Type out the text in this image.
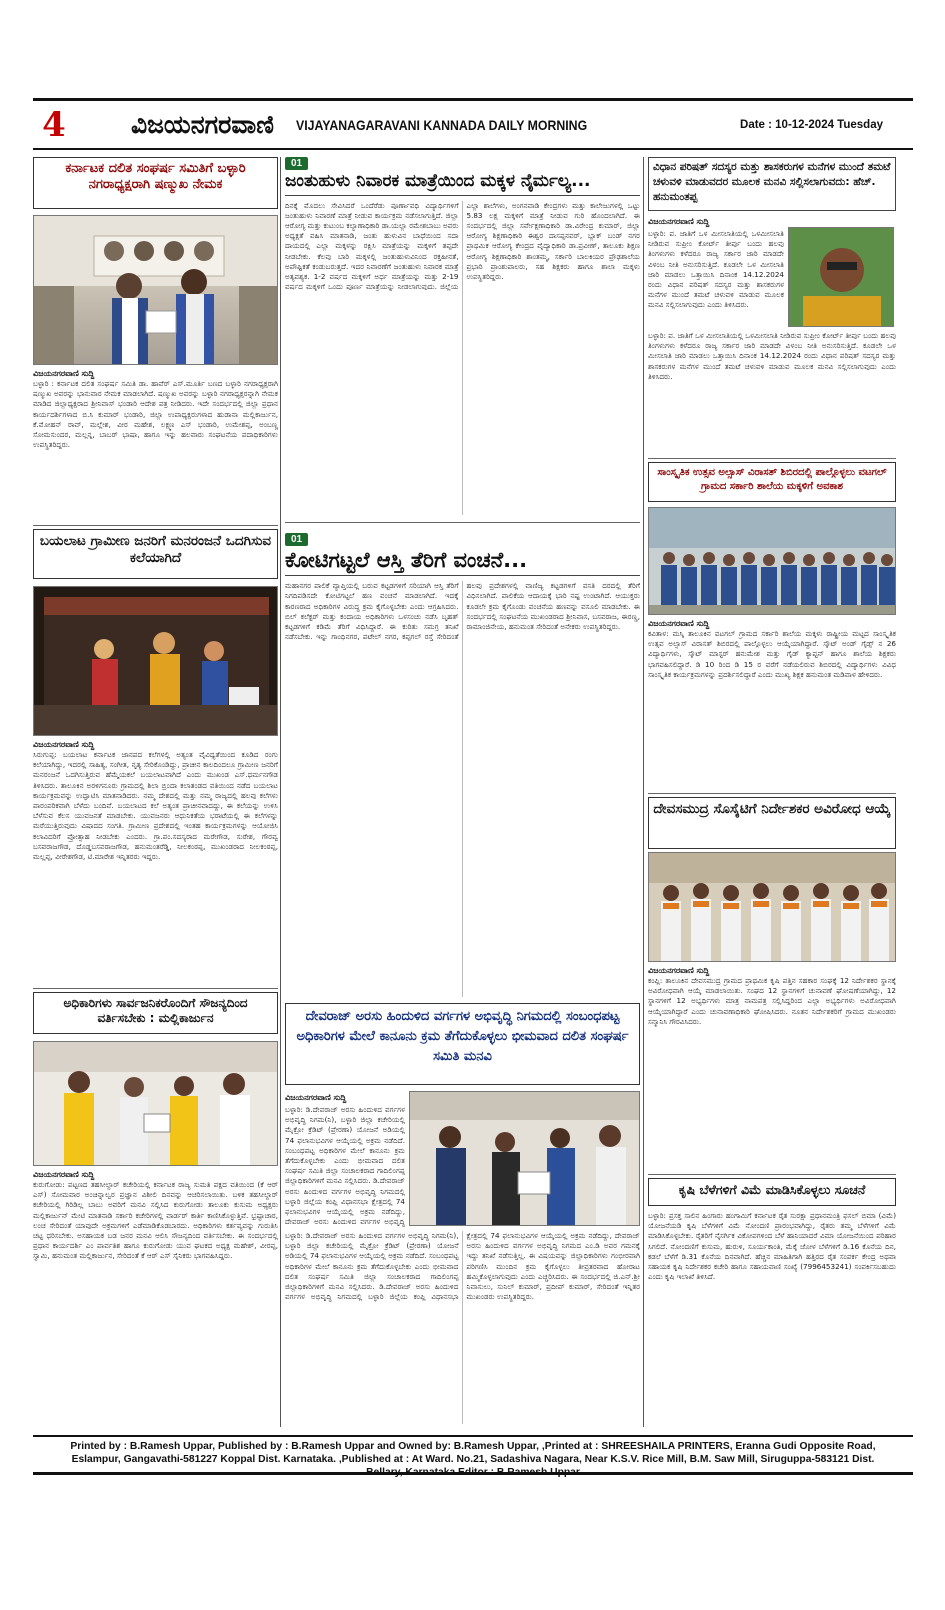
4	ವಿಜಯನಗರವಾಣಿ VIJAYANAGARAVANI KANNADA DAILY MORNING	Date : 10-12-2024 Tuesday
ಕರ್ನಾಟಕ ದಲಿತ ಸಂಘರ್ಷ ಸಮಿತಿಗೆ ಬಳ್ಳಾರಿ ನಗರಾಧ್ಯಕ್ಷರಾಗಿ ಷಣ್ಮುಖ ನೇಮಕ
ವಿಜಯನಗರವಾಣಿ ಸುದ್ದಿ
ಬಳ್ಳಾರಿ : ಕರ್ನಾಟಕ ದಲಿತ ಸಂಘರ್ಷ ಸಮಿತಿ ಡಾ. ಹಾವೆರ್ ಎಸ್.ಮೂರ್ತಿ ಬಣದ ಬಳ್ಳಾರಿ ನಗರಾಧ್ಯಕ್ಷರಾಗಿ ಷಣ್ಮುಖ ಅವರನ್ನು ಭಾನುವಾರ ನೇಮಕ ಮಾಡಲಾಗಿದೆ. ಷಣ್ಮುಖ ಅವರನ್ನು ಬಳ್ಳಾರಿ ನಗರಾಧ್ಯಕ್ಷರನ್ನಾಗಿ ನೇಮಕ ಮಾಡಿದ ಜಿಲ್ಲಾಧ್ಯಕ್ಷರಾದ ಶ್ರೀನಿವಾಸ್ ಭಂಡಾರಿ ಆದೇಶ ಪತ್ರ ನೀಡಿದರು. ಇದೇ ಸಂದರ್ಭದಲ್ಲಿ ಜಿಲ್ಲಾ ಪ್ರಧಾನ ಕಾರ್ಯದರ್ಶಿಗಳಾದ ಬಿ.ಸಿ ಕುಮಾರ್ ಭಂಡಾರಿ, ಜಿಲ್ಲಾ ಉಪಾಧ್ಯಕ್ಷರುಗಳಾದ ಹುಡಾನಾ ಮಲ್ಲಿಕಾರ್ಜುನ, ಕೆ.ಮೋಹನ್ ರಾವ್, ಮಲ್ಲೇಶ, ವೀರ ಮಹೇಶ, ಲಕ್ಷ್ಮಣ ಎಸ್ ಭಂಡಾರಿ, ಉಮೇಶಪ್ಪ, ಅಂಬಣ್ಣ ಸೋಮಸುಂದರ, ಮಲ್ಲನ್ನ, ಬಾಬರ್ ಭಾಷಾ, ಹಾಗೂ ಇನ್ನು ಹಲವಾರು ಸಂಘಟನೆಯ ಪದಾಧಿಕಾರಿಗಳು ಉಪಸ್ಥಿತರಿದ್ದರು.
ಬಯಲಾಟ ಗ್ರಾಮೀಣ ಜನರಿಗೆ ಮನರಂಜನೆ ಒದಗಿಸುವ ಕಲೆಯಾಗಿದೆ
ವಿಜಯನಗರವಾಣಿ ಸುದ್ದಿ
ಸಿರುಗುಪ್ಪ: ಬಯಲಾಟ ಕರ್ನಾಟಕ ಜಾನಪದ ಕಲೆಗಳಲ್ಲಿ ಅತ್ಯಂತ ವೈವಿಧ್ಯತೆಯಿಂದ ಕೂಡಿದ ರಂಗು ಕಲೆಯಾಗಿದ್ದು, ಇದರಲ್ಲಿ ಸಾಹಿತ್ಯ, ಸಂಗೀತ, ನೃತ್ಯ ಸೇರಿಕೊಂಡಿದ್ದು, ಪ್ರಾಚೀನ ಕಾಲದಿಂದಲೂ ಗ್ರಾಮೀಣ ಜನರಿಗೆ ಮನರಂಜನೆ ಒದಗಿಸುತ್ತಿರುವ ಹೆಮ್ಮೆಯಕಲೆ ಬಯಲಾಟವಾಗಿದೆ ಎಂದು ಮುಖಂಡ ಎಸ್.ಧರ್ಮನಗೌಡ ತಿಳಿಸಿದರು. ತಾಲೂಕಿನ ಅರಳಿಗನೂರು ಗ್ರಾಮದಲ್ಲಿ ಶಿಲಾ ಬ್ರಿಂದಾ ಕಲಾತಂಡದ ವತಿಯಿಂದ ನಡೆದ ಬಯಲಾಟ ಕಾರ್ಯಕ್ರಮವನ್ನು ಉದ್ಘಾಟಿಸಿ ಮಾತನಾಡಿದರು. ನಮ್ಮ ದೇಶದಲ್ಲಿ ಮತ್ತು ನಮ್ಮ ರಾಜ್ಯದಲ್ಲಿ ಹಲವು ಕಲೆಗಳು ಪಾರಂಪರಿಕವಾಗಿ ಬೆಳೆದು ಬಂದಿವೆ. ಬಯಲಾಟದ ಕಲೆ ಅತ್ಯಂತ ಪ್ರಾಚೀನವಾದದ್ದು, ಈ ಕಲೆಯನ್ನು ಉಳಿಸಿ ಬೆಳೆಸುವ ಕೆಲಸ ಯುವಜನತೆ ಮಾಡಬೇಕು. ಯುವಜನರು ಆಧುನಿಕತೆಯ ಭರಾಟೆಯಲ್ಲಿ ಈ ಕಲೆಗಳನ್ನು ಮರೆಯುತ್ತಿರುವುದು ವಿಷಾದದ ಸಂಗತಿ. ಗ್ರಾಮೀಣ ಪ್ರದೇಶದಲ್ಲಿ ಇಂತಹ ಕಾರ್ಯಕ್ರಮಗಳನ್ನು ಆಯೋಜಿಸಿ ಕಲಾವಿದರಿಗೆ ಪ್ರೋತ್ಸಾಹ ನೀಡಬೇಕು ಎಂದರು. ಗ್ರಾ.ಪಂ.ಸದಸ್ಯರಾದ ಮರೇಗೌಡ, ಸುರೇಶ, ಗೌರವ್ವ ಬಸವರಾಜಗೌಡ, ದೊಡ್ಡಬಸವರಾಜಗೌಡ, ಹನುಮಂತರೆಡ್ಡಿ, ನೀಲಕಂಠಪ್ಪ, ಮುಖಂಡರಾದ ನೀಲಕಂಠಪ್ಪ, ಮಲ್ಲಪ್ಪ, ವೀರೇಶಗೌಡ, ಟಿ.ಮಾರೇಶ ಇನ್ನಿತರರು ಇದ್ದರು.
ಅಧಿಕಾರಿಗಳು ಸಾರ್ವಜನಿಕರೊಂದಿಗೆ ಸೌಜನ್ಯದಿಂದ ವರ್ತಿಸಬೇಕು : ಮಲ್ಲಿಕಾರ್ಜುನ
ವಿಜಯನಗರವಾಣಿ ಸುದ್ದಿ
ಕುರುಗೋಡು: ಪಟ್ಟಣದ ತಹಸೀಲ್ದಾರ್ ಕಚೇರಿಯಲ್ಲಿ ಕರ್ನಾಟಕ ರಾಜ್ಯ ಸುಮತಿ ಪಕ್ಷದ ವತಿಯಿಂದ (ಕೆ ಆರ್ ಎಸ್) ಸೋಮವಾರ ಅಂಚಿನ್ನಾಲ್ವರ ಪ್ರಜ್ಞಾನ ವಿಶೀಲಿ ದಿನವನ್ನು ಆಚರಿಸಲಾಯಿತು. ಬಳಿಕ ತಹಸೀಲ್ದಾರ್ ಕಚೇರಿಯಲ್ಲಿ ಗಿರಿಡಿಲ್ಲ ಬಾಬು ಅವರಿಗೆ ಮನವಿ ಸಲ್ಲಿಸಿದ ಕುರುಗೋಡು ತಾಲೂಕು ಕುಸುಮ ಅಧ್ಯಕ್ಷರು ಮಲ್ಲಿಕಾರ್ಜುನ್ ಮೇಟಿ ಮಾತನಾಡಿ ಸರ್ಕಾರಿ ಕಚೇರಿಗಳಲ್ಲಿ ವಾರ್ಡರ್ ಕಾರ್ತಿ ಕಾಣಿಸಿಕೊಳ್ಳುತ್ತಿವೆ. ಭ್ರಷ್ಟಾಚಾರ, ಲಂಚ ಸೇರಿದಂತೆ ಯಾವುದೇ ಅಕ್ರಮಗಳಿಗೆ ಎಡೆಮಾಡಿಕೊಡಬಾರದು. ಅಧಿಕಾರಿಗಳು ಕರ್ತವ್ಯವನ್ನು ಗುರುತಿಸಿ ಚಟ್ಟ ಧರಿಸಬೇಕು. ಅಸಹಾಯಕ ಬಡ ಜನರ ಮನವಿ ಆಲಿಸಿ ಸೌಜನ್ಯದಿಂದ ವರ್ತಿಸಬೇಕು. ಈ ಸಂದರ್ಭದಲ್ಲಿ ಪ್ರಧಾನ ಕಾರ್ಯದರ್ಶಿ ಎಂ ಪಾರ್ವತಿಶ ಹಾಗೂ ಕುರುಗೋಡು ಯುವ ಘಟಕದ ಅಧ್ಯಕ್ಷ ಮಹೇಶ್, ವೀರಪ್ಪ, ಸ್ವಾಮಿ, ಹನುಮಂತ ಮಲ್ಲಿಕಾರ್ಜುನ, ಸೇರಿದಂತೆ ಕೆ ಆರ್ ಎಸ್ ಸೈನಿಕರು ಭಾಗವಹಿಸಿದ್ದರು.
01
ಜಂತುಹುಳು ನಿವಾರಕ ಮಾತ್ರೆಯಿಂದ ಮಕ್ಕಳ ನೈರ್ಮಲ್ಯ...
ದಿನಕ್ಕೆ ಮೊದಲು ಸೇವಿಸಿದರೆ ಒಂದೆರೆಡು ಪೂರ್ಣಾವಧಿ ವಿದ್ಯಾರ್ಥಿಗಳಿಗೆ ಜಂತುಹುಳು ನಿವಾರಣೆ ಮಾತ್ರೆ ನೀಡುವ ಕಾರ್ಯಕ್ರಮ ನಡೆಸಲಾಗುತ್ತಿದೆ. ಜಿಲ್ಲಾ ಆರೋಗ್ಯ ಮತ್ತು ಕುಟುಂಬ ಕಲ್ಯಾಣಾಧಿಕಾರಿ ಡಾ.ಯಲ್ಲಾ ರಮೇಶಬಾಬು ಅವರು ಅಧ್ಯಕ್ಷತೆ ವಹಿಸಿ ಮಾತನಾಡಿ, ಜಂತು ಹುಳುವಿನ ಬಾಧೆಯಿಂದ ಸದಾ ದಾಯದಲ್ಲಿ ಎಲ್ಲಾ ಮಕ್ಕಳನ್ನು ರಕ್ಷಿಸಿ ಮಾತ್ರೆಯನ್ನು ಮಕ್ಕಳಿಗೆ ತಪ್ಪದೇ ನೀಡಬೇಕು. ಕೆಲವು ಬಾರಿ ಮಕ್ಕಳಲ್ಲಿ ಜಂತುಹುಳುವಿನಿಂದ ರಕ್ತಹೀನತೆ, ಅಪೌಷ್ಟಿಕತೆ ಕಂಡುಬರುತ್ತದೆ. ಇದರ ನಿವಾರಣೆಗೆ ಜಂತುಹುಳು ನಿವಾರಕ ಮಾತ್ರೆ ಅತ್ಯವಶ್ಯಕ. 1-2 ವರ್ಷದ ಮಕ್ಕಳಿಗೆ ಅರ್ಧ ಮಾತ್ರೆಯನ್ನು ಮತ್ತು 2-19 ವರ್ಷದ ಮಕ್ಕಳಿಗೆ ಒಂದು ಪೂರ್ಣ ಮಾತ್ರೆಯನ್ನು ನೀಡಲಾಗುವುದು. ಜಿಲ್ಲೆಯ ಎಲ್ಲಾ ಶಾಲೆಗಳು, ಅಂಗನವಾಡಿ ಕೇಂದ್ರಗಳು ಮತ್ತು ಕಾಲೇಜುಗಳಲ್ಲಿ ಒಟ್ಟು 5.83 ಲಕ್ಷ ಮಕ್ಕಳಿಗೆ ಮಾತ್ರೆ ನೀಡುವ ಗುರಿ ಹೊಂದಲಾಗಿದೆ. ಈ ಸಂದರ್ಭದಲ್ಲಿ ಜಿಲ್ಲಾ ಸರ್ವೇಕ್ಷಣಾಧಿಕಾರಿ ಡಾ.ವಿರೇಂದ್ರ ಕುಮಾರ್, ಜಿಲ್ಲಾ ಆರೋಗ್ಯ ಶಿಕ್ಷಣಾಧಿಕಾರಿ ಈಶ್ವರ ದಾಸಪ್ಪನವರ್, ಬ್ಲಾಕ್ ಬಂಡ್ ನಗರ ಪ್ರಾಥಮಿಕ ಆರೋಗ್ಯ ಕೇಂದ್ರದ ವೈದ್ಯಾಧಿಕಾರಿ ಡಾ.ಪ್ರವೀಣ್, ತಾಲೂಕು ಶಿಕ್ಷಣ ಆರೋಗ್ಯ ಶಿಕ್ಷಣಾಧಿಕಾರಿ ಶಾಂತಮ್ಮ, ಸರ್ಕಾರಿ ಬಾಲಕಿಯರ ಪ್ರೌಢಶಾಲೆಯ ಪ್ರಭಾರಿ ಪ್ರಾಂಶುಪಾಲರು, ಸಹ ಶಿಕ್ಷಕರು ಹಾಗೂ ಶಾಲಾ ಮಕ್ಕಳು ಉಪಸ್ಥಿತರಿದ್ದರು.
01
ಕೋಟಿಗಟ್ಟಲೆ ಆಸ್ತಿ ತೆರಿಗೆ ವಂಚನೆ...
ಮಹಾನಗರ ಪಾಲಿಕೆ ವ್ಯಾಪ್ತಿಯಲ್ಲಿ ಬರುವ ಕಟ್ಟಡಗಳಿಗೆ ಸರಿಯಾಗಿ ಆಸ್ತಿ ತೆರಿಗೆ ನಿಗದಿಪಡಿಸದೇ ಕೋಟಿಗಟ್ಟಲೆ ಹಣ ವಂಚನೆ ಮಾಡಲಾಗಿದೆ. ಇದಕ್ಕೆ ಕಾರಣರಾದ ಅಧಿಕಾರಿಗಳ ವಿರುದ್ಧ ಕ್ರಮ ಕೈಗೊಳ್ಳಬೇಕು ಎಂದು ಆಗ್ರಹಿಸಿದರು. ಬಿಲ್ ಕಲೆಕ್ಟರ್ ಮತ್ತು ಕಂದಾಯ ಅಧಿಕಾರಿಗಳು ಒಳಸಂಚು ನಡೆಸಿ ಬೃಹತ್ ಕಟ್ಟಡಗಳಿಗೆ ಕಡಿಮೆ ತೆರಿಗೆ ವಿಧಿಸಿದ್ದಾರೆ. ಈ ಕುರಿತು ಸಮಗ್ರ ತನಿಖೆ ನಡೆಸಬೇಕು. ಇನ್ನು ಗಾಂಧಿನಗರ, ಪಟೇಲ್ ನಗರ, ಕಪ್ಪಗಲ್ ರಸ್ತೆ ಸೇರಿದಂತೆ ಹಲವು ಪ್ರದೇಶಗಳಲ್ಲಿ ವಾಣಿಜ್ಯ ಕಟ್ಟಡಗಳಿಗೆ ವಸತಿ ದರದಲ್ಲಿ ತೆರಿಗೆ ವಿಧಿಸಲಾಗಿದೆ. ಪಾಲಿಕೆಯ ಆದಾಯಕ್ಕೆ ಭಾರಿ ನಷ್ಟ ಉಂಟಾಗಿದೆ. ಆಯುಕ್ತರು ಕೂಡಲೇ ಕ್ರಮ ಕೈಗೊಂಡು ವಂಚನೆಯ ಹಣವನ್ನು ವಸೂಲಿ ಮಾಡಬೇಕು. ಈ ಸಂದರ್ಭದಲ್ಲಿ ಸಂಘಟನೆಯ ಮುಖಂಡರಾದ ಶ್ರೀನಿವಾಸ, ಬಸವರಾಜ, ಈರಣ್ಣ, ರಾಮಾಂಜಿನೇಯ, ಹನುಮಂತ ಸೇರಿದಂತೆ ಅನೇಕರು ಉಪಸ್ಥಿತರಿದ್ದರು.
ದೇವರಾಜ್ ಅರಸು ಹಿಂದುಳಿದ ವರ್ಗಗಳ ಅಭಿವೃದ್ಧಿ ನಿಗಮದಲ್ಲಿ ಸಂಬಂಧಪಟ್ಟ ಅಧಿಕಾರಿಗಳ ಮೇಲೆ ಕಾನೂನು ಕ್ರಮ ತೆಗೆದುಕೊಳ್ಳಲು ಭೀಮವಾದ ದಲಿತ ಸಂಘರ್ಷ ಸಮಿತಿ ಮನವಿ
ವಿಜಯನಗರವಾಣಿ ಸುದ್ದಿ
ಬಳ್ಳಾರಿ: ಡಿ.ದೇವರಾಜ್ ಅರಸು ಹಿಂದುಳಿದ ವರ್ಗಗಳ ಅಭಿವೃದ್ಧಿ ನಿಗಮ(ನಿ), ಬಳ್ಳಾರಿ ಜಿಲ್ಲಾ ಕಚೇರಿಯಲ್ಲಿ ಮೈಕ್ರೋ ಕ್ರೆಡಿಟ್ (ಪ್ರೇರಣಾ) ಯೋಜನೆ ಅಡಿಯಲ್ಲಿ 74 ಫಲಾನುಭವಿಗಳ ಆಯ್ಕೆಯಲ್ಲಿ ಅಕ್ರಮ ನಡೆದಿದೆ. ಸಂಬಂಧಪಟ್ಟ ಅಧಿಕಾರಿಗಳ ಮೇಲೆ ಕಾನೂನು ಕ್ರಮ ತೆಗೆದುಕೊಳ್ಳಬೇಕು ಎಂದು ಭೀಮವಾದ ದಲಿತ ಸಂಘರ್ಷ ಸಮಿತಿ ಜಿಲ್ಲಾ ಸಂಚಾಲಕರಾದ ಗಾದಿಲಿಂಗಪ್ಪ ಜಿಲ್ಲಾಧಿಕಾರಿಗಳಿಗೆ ಮನವಿ ಸಲ್ಲಿಸಿದರು. ಡಿ.ದೇವರಾಜ್ ಅರಸು ಹಿಂದುಳಿದ ವರ್ಗಗಳ ಅಭಿವೃದ್ಧಿ ನಿಗಮದಲ್ಲಿ ಬಳ್ಳಾರಿ ಜಿಲ್ಲೆಯ ಕಂಪ್ಲಿ ವಿಧಾನಸಭಾ ಕ್ಷೇತ್ರದಲ್ಲಿ 74 ಫಲಾನುಭವಿಗಳ ಆಯ್ಕೆಯಲ್ಲಿ ಅಕ್ರಮ ನಡೆದಿದ್ದು, ದೇವರಾಜ್ ಅರಸು ಹಿಂದುಳಿದ ವರ್ಗಗಳ ಅಭಿವೃದ್ಧಿ
ಬಳ್ಳಾರಿ: ಡಿ.ದೇವರಾಜ್ ಅರಸು ಹಿಂದುಳಿದ ವರ್ಗಗಳ ಅಭಿವೃದ್ಧಿ ನಿಗಮ(ನಿ), ಬಳ್ಳಾರಿ ಜಿಲ್ಲಾ ಕಚೇರಿಯಲ್ಲಿ ಮೈಕ್ರೋ ಕ್ರೆಡಿಟ್ (ಪ್ರೇರಣಾ) ಯೋಜನೆ ಅಡಿಯಲ್ಲಿ 74 ಫಲಾನುಭವಿಗಳ ಆಯ್ಕೆಯಲ್ಲಿ ಅಕ್ರಮ ನಡೆದಿದೆ. ಸಂಬಂಧಪಟ್ಟ ಅಧಿಕಾರಿಗಳ ಮೇಲೆ ಕಾನೂನು ಕ್ರಮ ತೆಗೆದುಕೊಳ್ಳಬೇಕು ಎಂದು ಭೀಮವಾದ ದಲಿತ ಸಂಘರ್ಷ ಸಮಿತಿ ಜಿಲ್ಲಾ ಸಂಚಾಲಕರಾದ ಗಾದಿಲಿಂಗಪ್ಪ ಜಿಲ್ಲಾಧಿಕಾರಿಗಳಿಗೆ ಮನವಿ ಸಲ್ಲಿಸಿದರು. ಡಿ.ದೇವರಾಜ್ ಅರಸು ಹಿಂದುಳಿದ ವರ್ಗಗಳ ಅಭಿವೃದ್ಧಿ ನಿಗಮದಲ್ಲಿ ಬಳ್ಳಾರಿ ಜಿಲ್ಲೆಯ ಕಂಪ್ಲಿ ವಿಧಾನಸಭಾ ಕ್ಷೇತ್ರದಲ್ಲಿ 74 ಫಲಾನುಭವಿಗಳ ಆಯ್ಕೆಯಲ್ಲಿ ಅಕ್ರಮ ನಡೆದಿದ್ದು, ದೇವರಾಜ್ ಅರಸು ಹಿಂದುಳಿದ ವರ್ಗಗಳ ಅಭಿವೃದ್ಧಿ ನಿಗಮದ ಎಂ.ಡಿ ಅವರ ಗಮನಕ್ಕೆ ಇದ್ದು ತನಿಖೆ ನಡೆಸುತ್ತಿಲ್ಲ. ಈ ವಿಷಯವನ್ನು ಜಿಲ್ಲಾಧಿಕಾರಿಗಳು ಗಂಭೀರವಾಗಿ ಪರಿಗಣಿಸಿ ಮುಂದಿನ ಕ್ರಮ ಕೈಗೊಳ್ಳಲು ತೀವ್ರತರವಾದ ಹೋರಾಟ ಹಮ್ಮಿಕೊಳ್ಳಲಾಗುವುದು ಎಂದು ಎಚ್ಚರಿಸಿದರು. ಈ ಸಂದರ್ಭದಲ್ಲಿ ಜಿ.ಎನ್.ಶ್ರೀ ನಿವಾಸುಲು, ಸುನಿಲ್ ಕುಮಾರ್, ಪ್ರದೀಪ್ ಕುಮಾರ್, ಸೇರಿದಂತೆ ಇನ್ನಿತರ ಮುಖಂಡರು ಉಪಸ್ಥಿತರಿದ್ದರು.
ವಿಧಾನ ಪರಿಷತ್ ಸದಸ್ಯರ ಮತ್ತು ಶಾಸಕರುಗಳ ಮನೆಗಳ ಮುಂದೆ ತಮಟೆ ಚಳುವಳಿ ಮಾಡುವದರ ಮೂಲಕ ಮನವಿ ಸಲ್ಲಿಸಲಾಗುವದು: ಹೆಚ್. ಹನುಮಂತಪ್ಪ
ವಿಜಯನಗರವಾಣಿ ಸುದ್ದಿ
ಬಳ್ಳಾರಿ: ಪ. ಜಾತಿಗೆ ಒಳ ಮೀಸಲಾತಿಯಲ್ಲಿ ಒಳಮೀಸಲಾತಿ ನೀಡಿರುವ ಸುಪ್ರೀಂ ಕೋರ್ಟ್ ತೀರ್ಪು ಬಂದು ಹಲವು ತಿಂಗಳುಗಳು ಕಳೆದರೂ ರಾಜ್ಯ ಸರ್ಕಾರ ಜಾರಿ ಮಾಡದೇ ವಿಳಂಬ ನೀತಿ ಅನುಸರಿಸುತ್ತಿದೆ. ಕೂಡಲೇ ಒಳ ಮೀಸಲಾತಿ ಜಾರಿ ಮಾಡಲು ಒತ್ತಾಯಿಸಿ ದಿನಾಂಕ 14.12.2024 ರಂದು ವಿಧಾನ ಪರಿಷತ್ ಸದಸ್ಯರ ಮತ್ತು ಶಾಸಕರುಗಳ ಮನೆಗಳ ಮುಂದೆ ತಮಟೆ ಚಳುವಳಿ ಮಾಡುವ ಮೂಲಕ ಮನವಿ ಸಲ್ಲಿಸಲಾಗುವುದು ಎಂದು ತಿಳಿಸಿದರು.
ಬಳ್ಳಾರಿ: ಪ. ಜಾತಿಗೆ ಒಳ ಮೀಸಲಾತಿಯಲ್ಲಿ ಒಳಮೀಸಲಾತಿ ನೀಡಿರುವ ಸುಪ್ರೀಂ ಕೋರ್ಟ್ ತೀರ್ಪು ಬಂದು ಹಲವು ತಿಂಗಳುಗಳು ಕಳೆದರೂ ರಾಜ್ಯ ಸರ್ಕಾರ ಜಾರಿ ಮಾಡದೇ ವಿಳಂಬ ನೀತಿ ಅನುಸರಿಸುತ್ತಿದೆ. ಕೂಡಲೇ ಒಳ ಮೀಸಲಾತಿ ಜಾರಿ ಮಾಡಲು ಒತ್ತಾಯಿಸಿ ದಿನಾಂಕ 14.12.2024 ರಂದು ವಿಧಾನ ಪರಿಷತ್ ಸದಸ್ಯರ ಮತ್ತು ಶಾಸಕರುಗಳ ಮನೆಗಳ ಮುಂದೆ ತಮಟೆ ಚಳುವಳಿ ಮಾಡುವ ಮೂಲಕ ಮನವಿ ಸಲ್ಲಿಸಲಾಗುವುದು ಎಂದು ತಿಳಿಸಿದರು.
ಸಾಂಸ್ಕೃತಿಕ ಉತ್ಸವ ಅಲ್ಸಾಸ್ ವಿರಾಸತ್ ಶಿಬಿರದಲ್ಲಿ ಪಾಲ್ಗೊಳ್ಳಲು ವಟಗಲ್ ಗ್ರಾಮದ ಸರ್ಕಾರಿ ಶಾಲೆಯ ಮಕ್ಕಳಿಗೆ ಅವಕಾಶ
ವಿಜಯನಗರವಾಣಿ ಸುದ್ದಿ
ಕವಿತಾಳ: ಮಸ್ಕಿ ತಾಲೂಕಿನ ವಟಗಲ್ ಗ್ರಾಮದ ಸರ್ಕಾರಿ ಶಾಲೆಯ ಮಕ್ಕಳು ರಾಷ್ಟ್ರೀಯ ಮಟ್ಟದ ಸಾಂಸ್ಕೃತಿಕ ಉತ್ಸವ ಅಲ್ಸಾಸ್ ವಿರಾಸತ್ ಶಿಬಿರದಲ್ಲಿ ಪಾಲ್ಗೊಳ್ಳಲು ಆಯ್ಕೆಯಾಗಿದ್ದಾರೆ. ಸ್ಕೌಟ್ ಅಂಡ್ ಗೈಡ್ಸ್ ನ 26 ವಿದ್ಯಾರ್ಥಿಗಳು, ಸ್ಕೌಟ್ ಮಾಸ್ಟರ್ ಹನುಮೇಶ ಮತ್ತು ಗೈಡ್ ಕ್ಯಾಪ್ಟನ್ ಹಾಗೂ ಶಾಲೆಯ ಶಿಕ್ಷಕರು ಭಾಗವಹಿಸಲಿದ್ದಾರೆ. ಡಿ 10 ರಿಂದ ಡಿ 15 ರ ವರೆಗೆ ನಡೆಯಲಿರುವ ಶಿಬಿರದಲ್ಲಿ ವಿದ್ಯಾರ್ಥಿಗಳು ವಿವಿಧ ಸಾಂಸ್ಕೃತಿಕ ಕಾರ್ಯಕ್ರಮಗಳನ್ನು ಪ್ರದರ್ಶಿಸಲಿದ್ದಾರೆ ಎಂದು ಮುಖ್ಯ ಶಿಕ್ಷಕ ಹನುಮಂತ ಮಡಿವಾಳ ಹೇಳಿದರು.
ದೇವಸಮುದ್ರ ಸೊಸೈಟಿಗೆ ನಿರ್ದೇಶಕರ ಅವಿರೋಧ ಆಯ್ಕೆ
ವಿಜಯನಗರವಾಣಿ ಸುದ್ದಿ
ಕಂಪ್ಲಿ: ತಾಲೂಕಿನ ದೇವಸಮುದ್ರ ಗ್ರಾಮದ ಪ್ರಾಥಮಿಕ ಕೃಷಿ ಪತ್ತಿನ ಸಹಕಾರ ಸಂಘಕ್ಕೆ 12 ನಿರ್ದೇಶಕರ ಸ್ಥಾನಕ್ಕೆ ಅವಿರೋಧವಾಗಿ ಆಯ್ಕೆ ಮಾಡಲಾಯಿತು. ಸಂಘದ 12 ಸ್ಥಾನಗಳಿಗೆ ಚುನಾವಣೆ ಘೋಷಣೆಯಾಗಿದ್ದು, 12 ಸ್ಥಾನಗಳಿಗೆ 12 ಅಭ್ಯರ್ಥಿಗಳು ಮಾತ್ರ ನಾಮಪತ್ರ ಸಲ್ಲಿಸಿದ್ದರಿಂದ ಎಲ್ಲಾ ಅಭ್ಯರ್ಥಿಗಳು ಅವಿರೋಧವಾಗಿ ಆಯ್ಕೆಯಾಗಿದ್ದಾರೆ ಎಂದು ಚುನಾವಣಾಧಿಕಾರಿ ಘೋಷಿಸಿದರು. ನೂತನ ನಿರ್ದೇಶಕರಿಗೆ ಗ್ರಾಮದ ಮುಖಂಡರು ಸನ್ಮಾನಿಸಿ ಗೌರವಿಸಿದರು.
ಕೃಷಿ ಬೆಳೆಗಳಿಗೆ ವಿಮೆ ಮಾಡಿಸಿಕೊಳ್ಳಲು ಸೂಚನೆ
ಬಳ್ಳಾರಿ: ಪ್ರಸಕ್ತ ಸಾಲಿನ ಹಿಂಗಾರು ಹಂಗಾಮಿಗೆ ಕರ್ನಾಟಕ ರೈತ ಸುರಕ್ಷಾ ಪ್ರಧಾನಮಂತ್ರಿ ಫಸಲ್ ಬಿಮಾ (ವಿಮೆ) ಯೋಜನೆಯಡಿ ಕೃಷಿ ಬೆಳೆಗಳಿಗೆ ವಿಮೆ ನೋಂದಣಿ ಪ್ರಾರಂಭವಾಗಿದ್ದು, ರೈತರು ತಮ್ಮ ಬೆಳೆಗಳಿಗೆ ವಿಮೆ ಮಾಡಿಸಿಕೊಳ್ಳಬೇಕು. ರೈತರಿಗೆ ನೈಸರ್ಗಿಕ ವಿಕೋಪಗಳಿಂದ ಬೆಳೆ ಹಾನಿಯಾದರೆ ವಿಮಾ ಯೋಜನೆಯಿಂದ ಪರಿಹಾರ ಸಿಗಲಿದೆ. ನೋಂದಣಿಗೆ ಕುಸುಮ, ಹುರುಳಿ, ಸೂರ್ಯಕಾಂತಿ, ಮೆಕ್ಕೆ ಜೋಳ ಬೆಳೆಗಳಿಗೆ ಡಿ.16 ಕೊನೆಯ ದಿನ, ಕಡಲೆ ಬೆಳೆಗೆ ಡಿ.31 ಕೊನೆಯ ದಿನವಾಗಿದೆ. ಹೆಚ್ಚಿನ ಮಾಹಿತಿಗಾಗಿ ಹತ್ತಿರದ ರೈತ ಸಂಪರ್ಕ ಕೇಂದ್ರ ಅಥವಾ ಸಹಾಯಕ ಕೃಷಿ ನಿರ್ದೇಶಕರ ಕಚೇರಿ ಹಾಗೂ ಸಹಾಯವಾಣಿ ಸಂಖ್ಯೆ (7996453241) ಸಂಪರ್ಕಿಸಬಹುದು ಎಂದು ಕೃಷಿ ಇಲಾಖೆ ತಿಳಿಸಿದೆ.
Printed by : B.Ramesh Uppar, Published by : B.Ramesh Uppar and Owned by: B.Ramesh Uppar, ,Printed at : SHREESHAILA PRINTERS, Eranna Gudi Opposite Road,
Eslampur, Gangavathi-581227 Koppal Dist. Karnataka. ,Published at : At Ward. No.21, Sadashiva Nagara, Near K.S.V. Rice Mill, B.M. Saw Mill, Siruguppa-583121 Dist.
Bellary, Karnataka Editor : B.Ramesh Uppar
